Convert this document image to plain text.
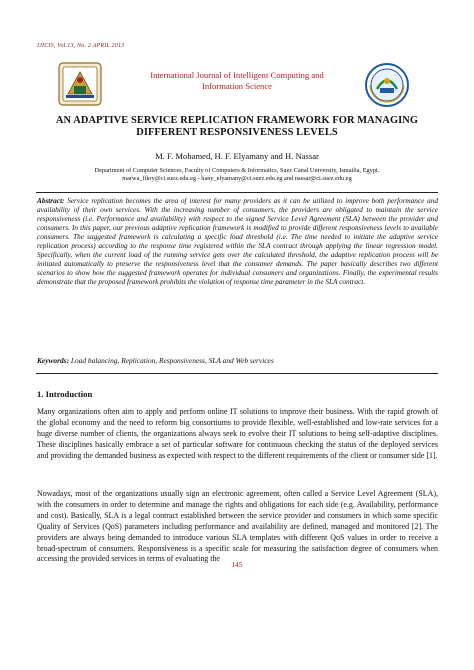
IJICIS, Vol.13, No. 2 APRIL 2013
International Journal of Intelligent Computing and
Information Science
AN ADAPTIVE SERVICE REPLICATION FRAMEWORK FOR MANAGING
DIFFERENT RESPONSIVENESS LEVELS
M. F. Mohamed, H. F. Elyamany and H. Nassar
Department of Computer Sciences, Faculty of Computers & Informatics, Suez Canal University, Ismailia, Egypt.
marwa_fikry@ci.suez.edu.eg - hany_elyamany@ci.suez.edu.eg and nassar@ci.suez.edu.eg
Abstract: Service replication becomes the area of interest for many providers as it can be utilized to improve both performance and availability of their own services. With the increasing number of consumers, the providers are obligated to maintain the service responsiveness (i.e. Performance and availability) with respect to the signed Service Level Agreement (SLA) between the provider and consumers. In this paper, our previous adaptive replication framework is modified to provide different responsiveness levels to available consumers. The suggested framework is calculating a specific load threshold (i.e. The time needed to initiate the adaptive service replication process) according to the response time registered within the SLA contract through applying the linear regression model. Specifically, when the current load of the running service gets over the calculated threshold, the adaptive replication process will be initiated automatically to preserve the responsiveness level that the consumer demands. The paper basically describes two different scenarios to show how the suggested framework operates for individual consumers and organizations. Finally, the experimental results demonstrate that the proposed framework prohibits the violation of response time parameter in the SLA contract.
Keywords: Load balancing, Replication, Responsiveness, SLA and Web services
1. Introduction
Many organizations often aim to apply and perform online IT solutions to improve their business. With the rapid growth of the global economy and the need to reform big consortiums to provide flexible, well-established and low-rate services for a huge diverse number of clients, the organizations always seek to evolve their IT solutions to being self-adaptive disciplines. These disciplines basically embrace a set of particular software for continuous checking the status of the deployed services and providing the demanded business as expected with respect to the different requirements of the client or consumer side [1].
Nowadays, most of the organizations usually sign an electronic agreement, often called a Service Level Agreement (SLA), with the consumers in order to determine and manage the rights and obligations for each side (e.g. Availability, performance and cost). Basically, SLA is a legal contract established between the service provider and consumers in which some specific Quality of Services (QoS) parameters including performance and availability are defined, managed and monitored [2]. The providers are always being demanded to introduce various SLA templates with different QoS values in order to receive a broad-spectrum of consumers. Responsiveness is a specific scale for measuring the satisfaction degree of consumers when accessing the provided services in terms of evaluating the
145
